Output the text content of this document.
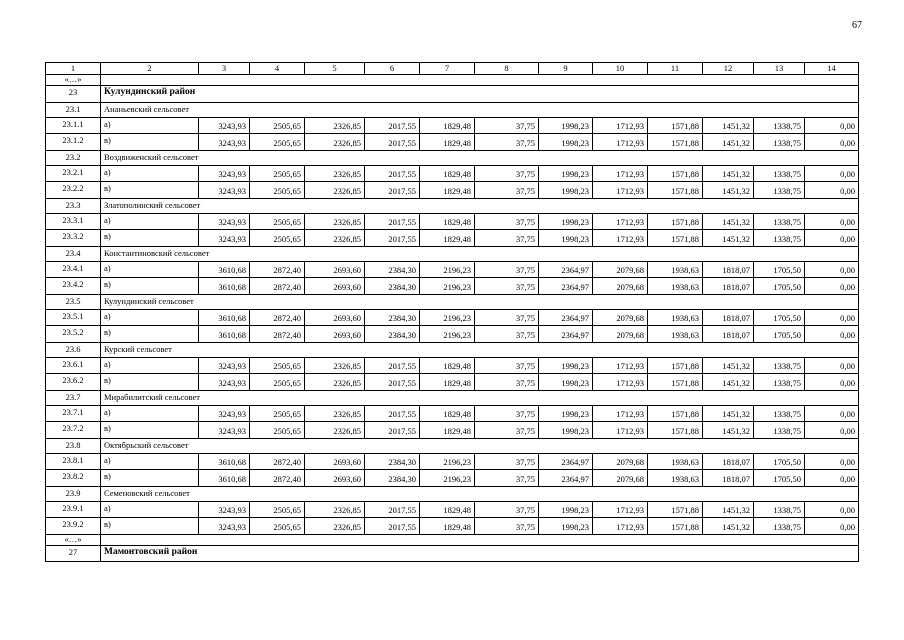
67
1	2	3	4	5	6	7	8	9	10	11	12	13	14
«…»													
23	Кулундинский район												
23.1	Ананьевский сельсовет												
23.1.1	а)	3243,93	2505,65	2326,85	2017,55	1829,48	37,75	1998,23	1712,93	1571,88	1451,32	1338,75	0,00
23.1.2	в)	3243,93	2505,65	2326,85	2017,55	1829,48	37,75	1998,23	1712,93	1571,88	1451,32	1338,75	0,00
23.2	Воздвиженский сельсовет												
23.2.1	а)	3243,93	2505,65	2326,85	2017,55	1829,48	37,75	1998,23	1712,93	1571,88	1451,32	1338,75	0,00
23.2.2	в)	3243,93	2505,65	2326,85	2017,55	1829,48	37,75	1998,23	1712,93	1571,88	1451,32	1338,75	0,00
23.3	Златополинский сельсовет												
23.3.1	а)	3243,93	2505,65	2326,85	2017,55	1829,48	37,75	1998,23	1712,93	1571,88	1451,32	1338,75	0,00
23.3.2	в)	3243,93	2505,65	2326,85	2017,55	1829,48	37,75	1998,23	1712,93	1571,88	1451,32	1338,75	0,00
23.4	Константиновский сельсовет												
23.4.1	а)	3610,68	2872,40	2693,60	2384,30	2196,23	37,75	2364,97	2079,68	1938,63	1818,07	1705,50	0,00
23.4.2	в)	3610,68	2872,40	2693,60	2384,30	2196,23	37,75	2364,97	2079,68	1938,63	1818,07	1705,50	0,00
23.5	Кулундинский сельсовет												
23.5.1	а)	3610,68	2872,40	2693,60	2384,30	2196,23	37,75	2364,97	2079,68	1938,63	1818,07	1705,50	0,00
23.5.2	в)	3610,68	2872,40	2693,60	2384,30	2196,23	37,75	2364,97	2079,68	1938,63	1818,07	1705,50	0,00
23.6	Курский сельсовет												
23.6.1	а)	3243,93	2505,65	2326,85	2017,55	1829,48	37,75	1998,23	1712,93	1571,88	1451,32	1338,75	0,00
23.6.2	в)	3243,93	2505,65	2326,85	2017,55	1829,48	37,75	1998,23	1712,93	1571,88	1451,32	1338,75	0,00
23.7	Мирабилитский сельсовет												
23.7.1	а)	3243,93	2505,65	2326,85	2017,55	1829,48	37,75	1998,23	1712,93	1571,88	1451,32	1338,75	0,00
23.7.2	в)	3243,93	2505,65	2326,85	2017,55	1829,48	37,75	1998,23	1712,93	1571,88	1451,32	1338,75	0,00
23.8	Октябрьский сельсовет												
23.8.1	а)	3610,68	2872,40	2693,60	2384,30	2196,23	37,75	2364,97	2079,68	1938,63	1818,07	1705,50	0,00
23.8.2	в)	3610,68	2872,40	2693,60	2384,30	2196,23	37,75	2364,97	2079,68	1938,63	1818,07	1705,50	0,00
23.9	Семеновский сельсовет												
23.9.1	а)	3243,93	2505,65	2326,85	2017,55	1829,48	37,75	1998,23	1712,93	1571,88	1451,32	1338,75	0,00
23.9.2	в)	3243,93	2505,65	2326,85	2017,55	1829,48	37,75	1998,23	1712,93	1571,88	1451,32	1338,75	0,00
«…»													
27	Мамонтовский район												
